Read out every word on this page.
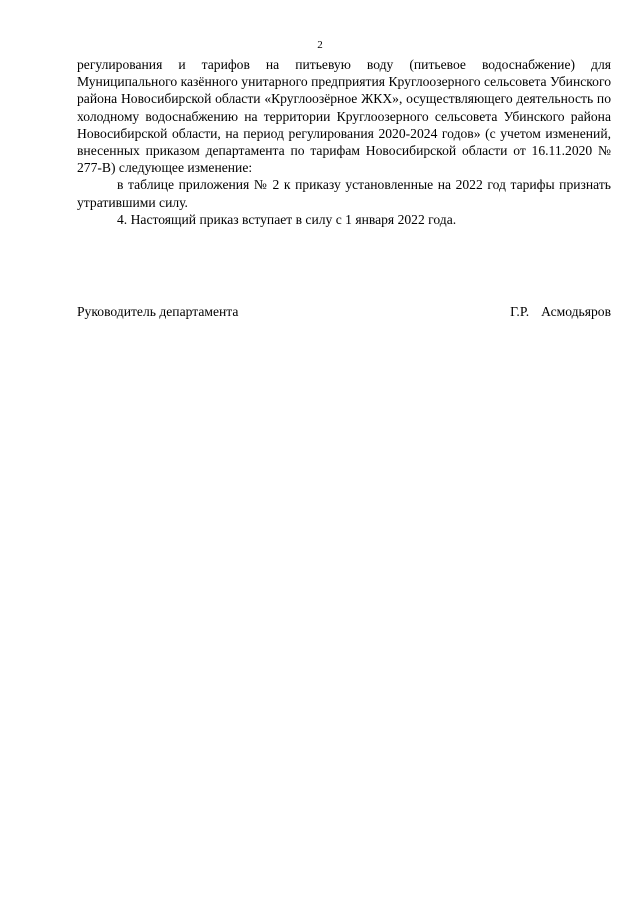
2

регулирования и тарифов на питьевую воду (питьевое водоснабжение) для Муниципального казённого унитарного предприятия Круглоозерного сельсовета Убинского района Новосибирской области «Круглоозёрное ЖКХ», осуществляющего деятельность по холодному водоснабжению на территории Круглоозерного сельсовета Убинского района Новосибирской области, на период регулирования 2020-2024 годов» (с учетом изменений, внесенных приказом департамента по тарифам Новосибирской области от 16.11.2020 № 277-В) следующее изменение:

в таблице приложения № 2 к приказу установленные на 2022 год тарифы признать утратившими силу.

4. Настоящий приказ вступает в силу с 1 января 2022 года.

Руководитель департамента	Г.Р. Асмодьяров
